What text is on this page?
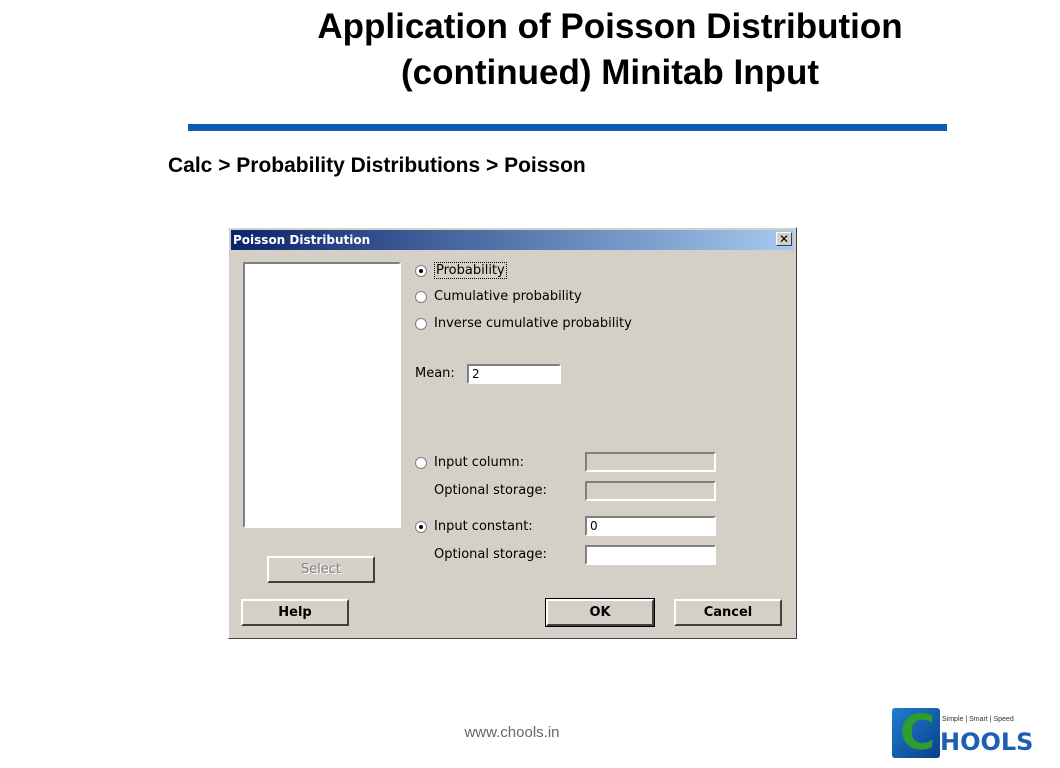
Application of Poisson Distribution
(continued) Minitab Input
Calc > Probability Distributions > Poisson
Poisson Distribution	✕
Probability
Cumulative probability
Inverse cumulative probability
Mean:	2
Input column:
Optional storage:
Input constant:	0
Optional storage:
Select
Help	OK	Cancel
www.chools.in	C Simple | Smart | Speed
HOOLS
